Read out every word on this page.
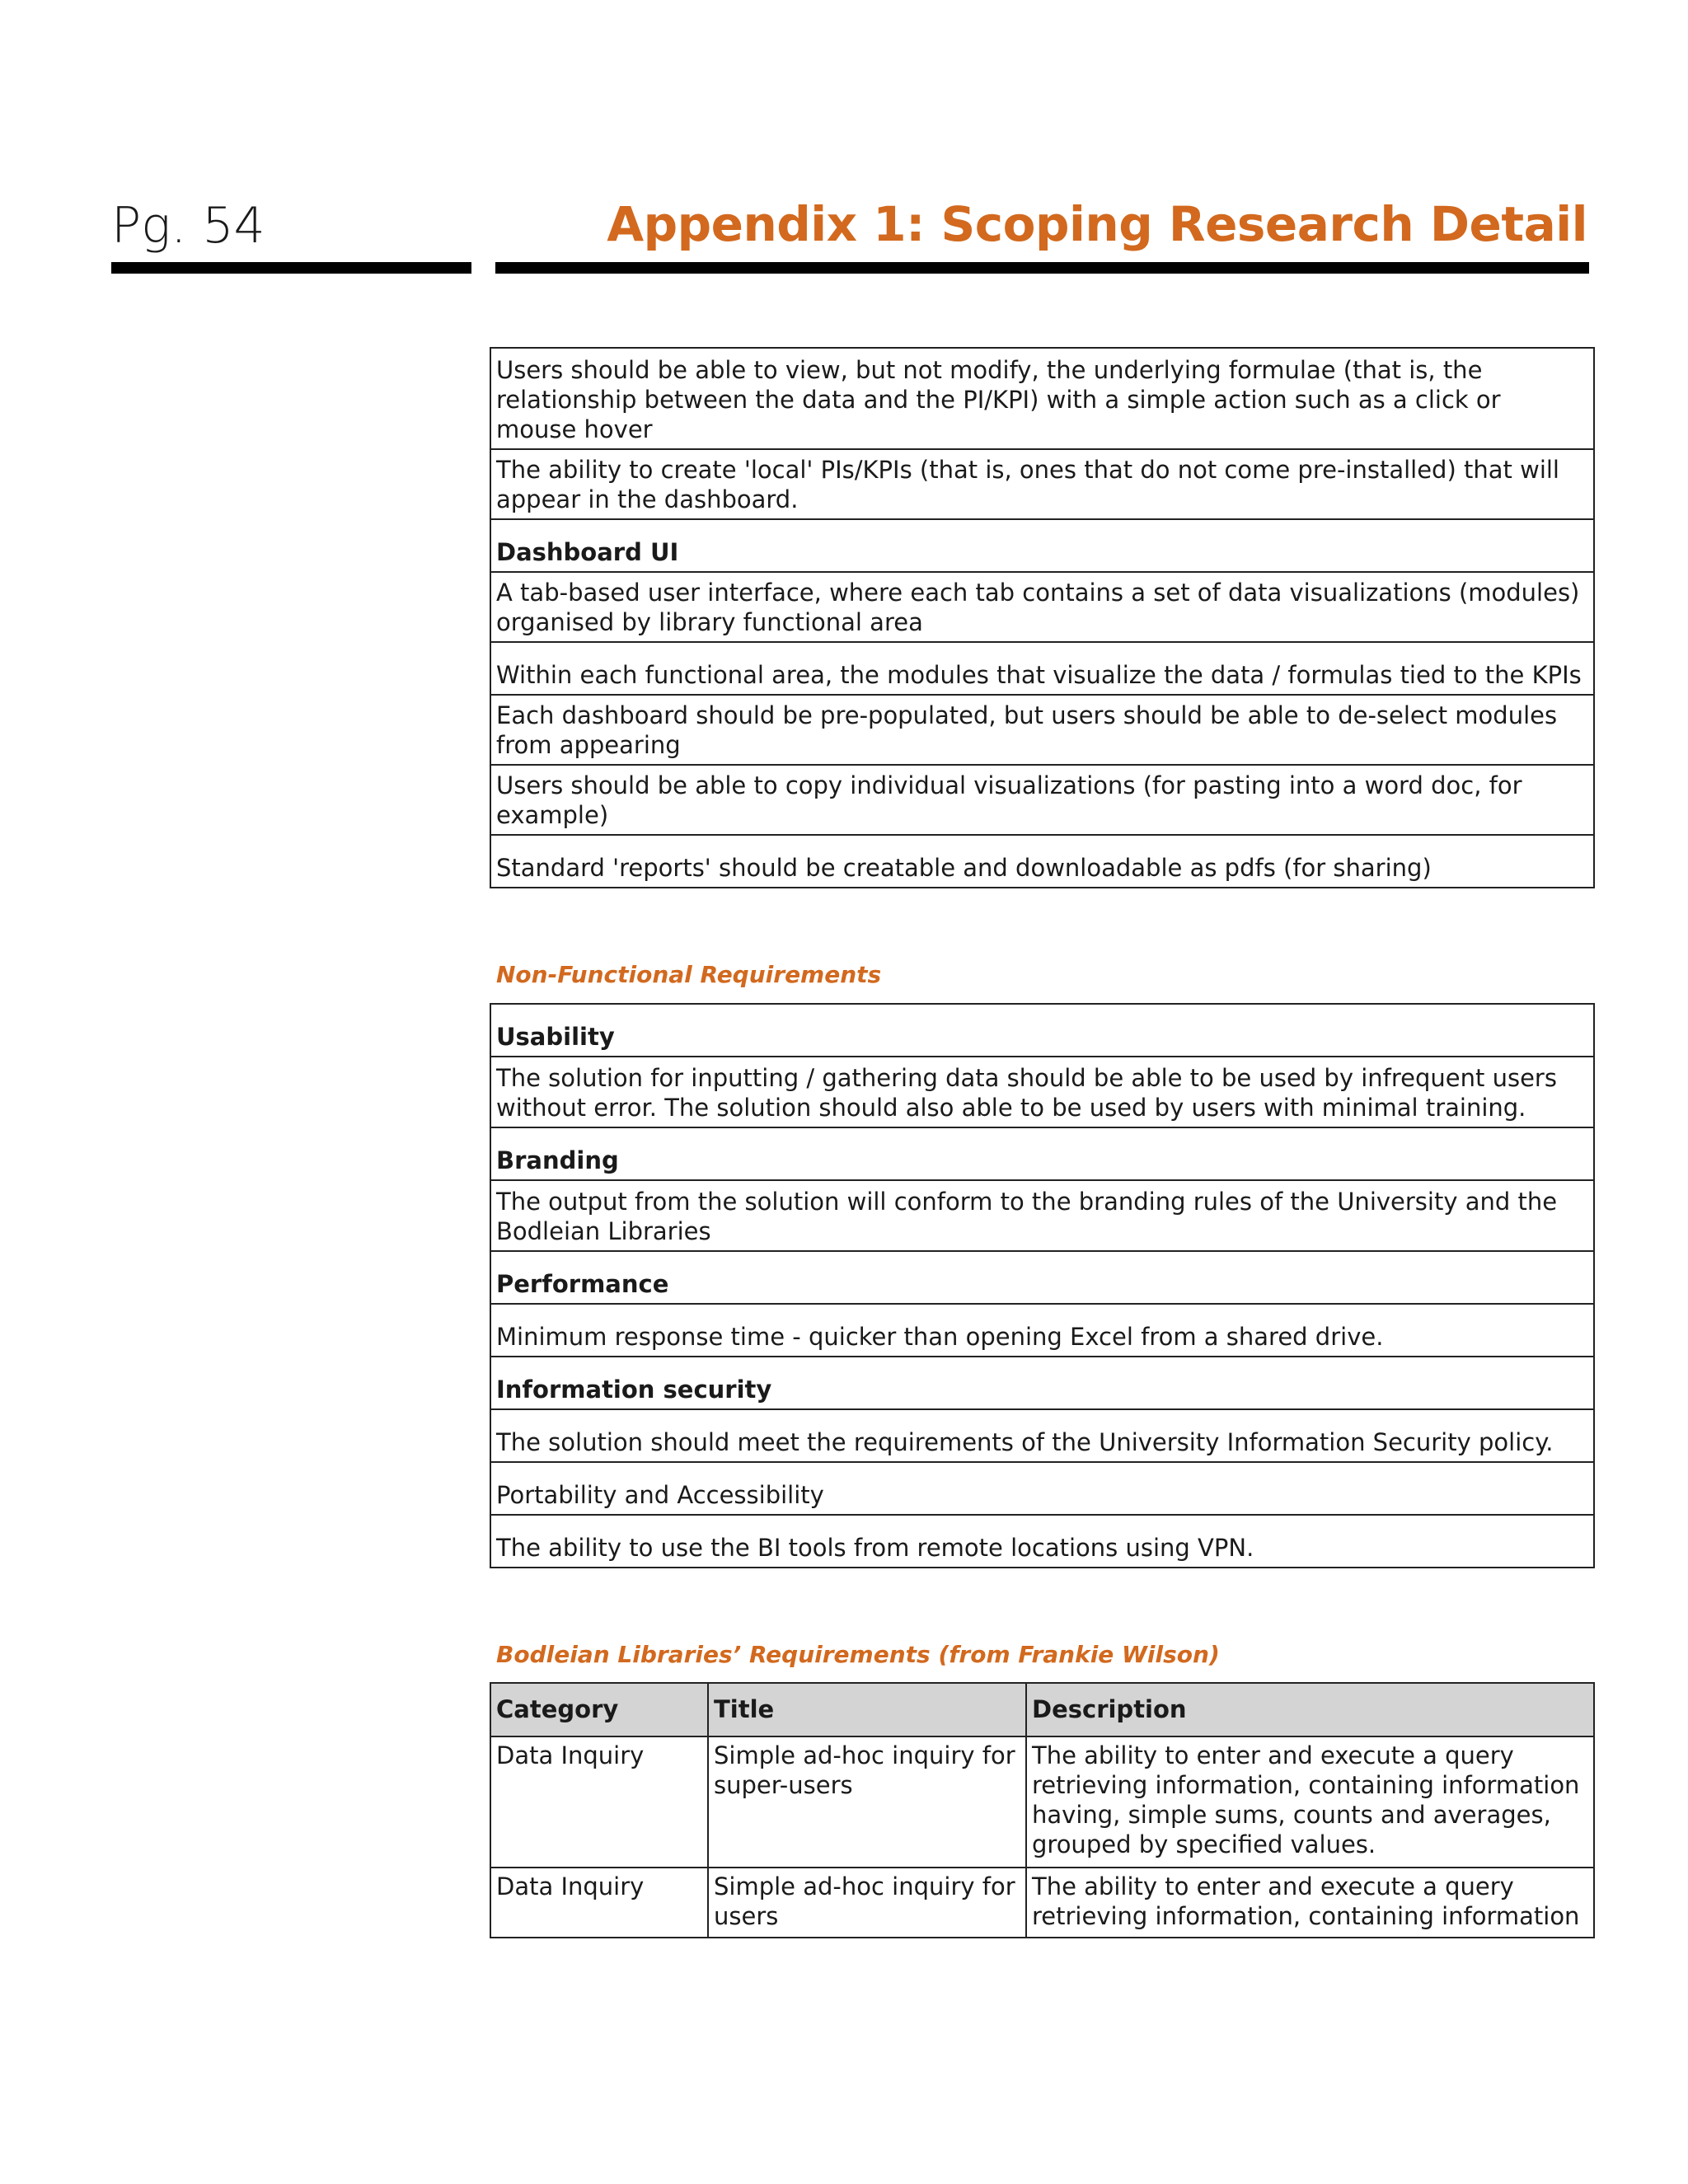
Pg. 54	Appendix 1: Scoping Research Detail
Users should be able to view, but not modify, the underlying formulae (that is, the relationship between the data and the PI/KPI) with a simple action such as a click or mouse hover
The ability to create 'local' PIs/KPIs (that is, ones that do not come pre-installed) that will appear in the dashboard.
Dashboard UI
A tab-based user interface, where each tab contains a set of data visualizations (modules) organised by library functional area
Within each functional area, the modules that visualize the data / formulas tied to the KPIs
Each dashboard should be pre-populated, but users should be able to de-select modules from appearing
Users should be able to copy individual visualizations (for pasting into a word doc, for example)
Standard 'reports' should be creatable and downloadable as pdfs (for sharing)
Non-Functional Requirements
Usability
The solution for inputting / gathering data should be able to be used by infrequent users without error. The solution should also able to be used by users with minimal training.
Branding
The output from the solution will conform to the branding rules of the University and the Bodleian Libraries
Performance
Minimum response time - quicker than opening Excel from a shared drive.
Information security
The solution should meet the requirements of the University Information Security policy.
Portability and Accessibility
The ability to use the BI tools from remote locations using VPN.
Bodleian Libraries’ Requirements (from Frankie Wilson)
Category	Title	Description
Data Inquiry	Simple ad-hoc inquiry for super-users	The ability to enter and execute a query retrieving information, containing information having, simple sums, counts and averages, grouped by specified values.
Data Inquiry	Simple ad-hoc inquiry for users	The ability to enter and execute a query retrieving information, containing information
